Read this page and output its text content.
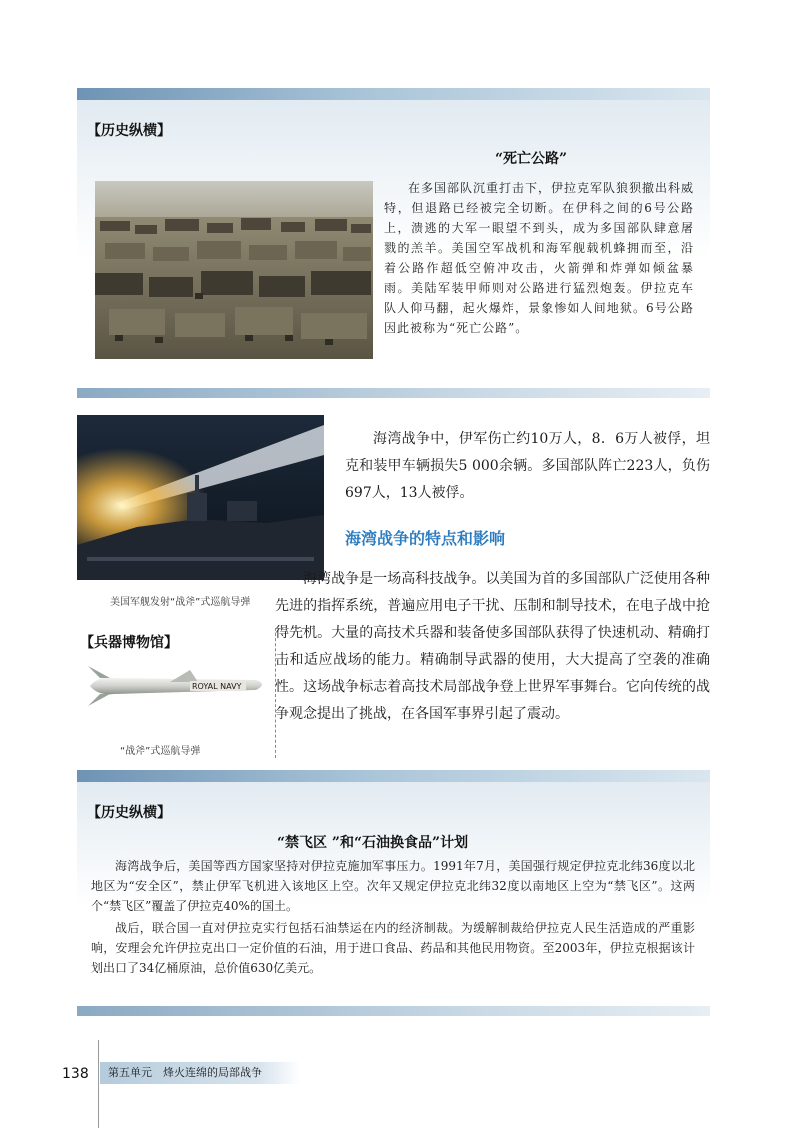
【历史纵横】
“死亡公路”

在多国部队沉重打击下，伊拉克军队狼狈撤出科威特，但退路已经被完全切断。在伊科之间的6号公路上，溃逃的大军一眼望不到头，成为多国部队肆意屠戮的羔羊。美国空军战机和海军舰载机蜂拥而至，沿着公路作超低空俯冲攻击，火箭弹和炸弹如倾盆暴雨。美陆军装甲师则对公路进行猛烈炮轰。伊拉克车队人仰马翻，起火爆炸，景象惨如人间地狱。6号公路因此被称为“死亡公路”。

美国军舰发射“战斧”式巡航导弹

海湾战争中，伊军伤亡约10万人，8．6万人被俘，坦克和装甲车辆损失5 000余辆。多国部队阵亡223人，负伤697人，13人被俘。

海湾战争的特点和影响

海湾战争是一场高科技战争。以美国为首的多国部队广泛使用各种先进的指挥系统，普遍应用电子干扰、压制和制导技术，在电子战中抢得先机。大量的高技术兵器和装备使多国部队获得了快速机动、精确打击和适应战场的能力。精确制导武器的使用，大大提高了空袭的准确性。这场战争标志着高技术局部战争登上世界军事舞台。它向传统的战争观念提出了挑战，在各国军事界引起了震动。

【兵器博物馆】
ROYAL NAVY
“战斧”式巡航导弹
【历史纵横】
“禁飞区 ”和“石油换食品”计划

海湾战争后，美国等西方国家坚持对伊拉克施加军事压力。1991年7月，美国强行规定伊拉克北纬36度以北地区为“安全区”，禁止伊军飞机进入该地区上空。次年又规定伊拉克北纬32度以南地区上空为“禁飞区”。这两个“禁飞区”覆盖了伊拉克40%的国土。

战后，联合国一直对伊拉克实行包括石油禁运在内的经济制裁。为缓解制裁给伊拉克人民生活造成的严重影响，安理会允许伊拉克出口一定价值的石油，用于进口食品、药品和其他民用物资。至2003年，伊拉克根据该计划出口了34亿桶原油，总价值630亿美元。

138	第五单元　烽火连绵的局部战争
